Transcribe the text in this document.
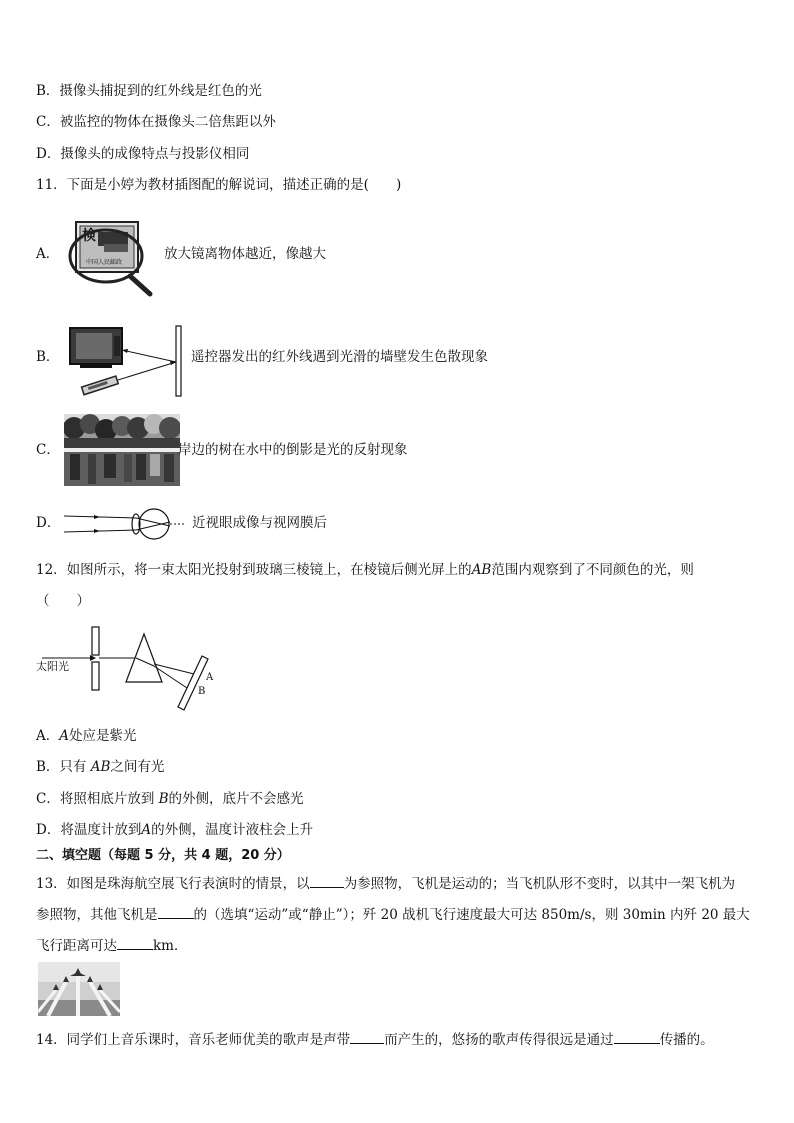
B．摄像头捕捉到的红外线是红色的光
C．被监控的物体在摄像头二倍焦距以外
D．摄像头的成像特点与投影仪相同
11．下面是小婷为教材插图配的解说词，描述正确的是(　　)
A．
検
中国人民邮政
放大镜离物体越近，像越大
B．	遥控器发出的红外线遇到光滑的墙壁发生色散现象
C．	岸边的树在水中的倒影是光的反射现象
D．	近视眼成像与视网膜后
12．如图所示，将一束太阳光投射到玻璃三棱镜上，在棱镜后侧光屏上的AB范围内观察到了不同颜色的光，则
（　　）
太阳光
A
B
A．A处应是紫光
B．只有 AB之间有光
C．将照相底片放到 B的外侧，底片不会感光
D．将温度计放到A的外侧，温度计液柱会上升
二、填空题（每题 5 分，共 4 题，20 分）
13．如图是珠海航空展飞行表演时的情景，以	为参照物，飞机是运动的；当飞机队形不变时，以其中一架飞机为
参照物，其他飞机是	的（选填“运动”或“静止”）；歼 20 战机飞行速度最大可达 850m/s，则 30min 内歼 20 最大
飞行距离可达	km．
14．同学们上音乐课时，音乐老师优美的歌声是声带	而产生的，悠扬的歌声传得很远是通过	传播的。
